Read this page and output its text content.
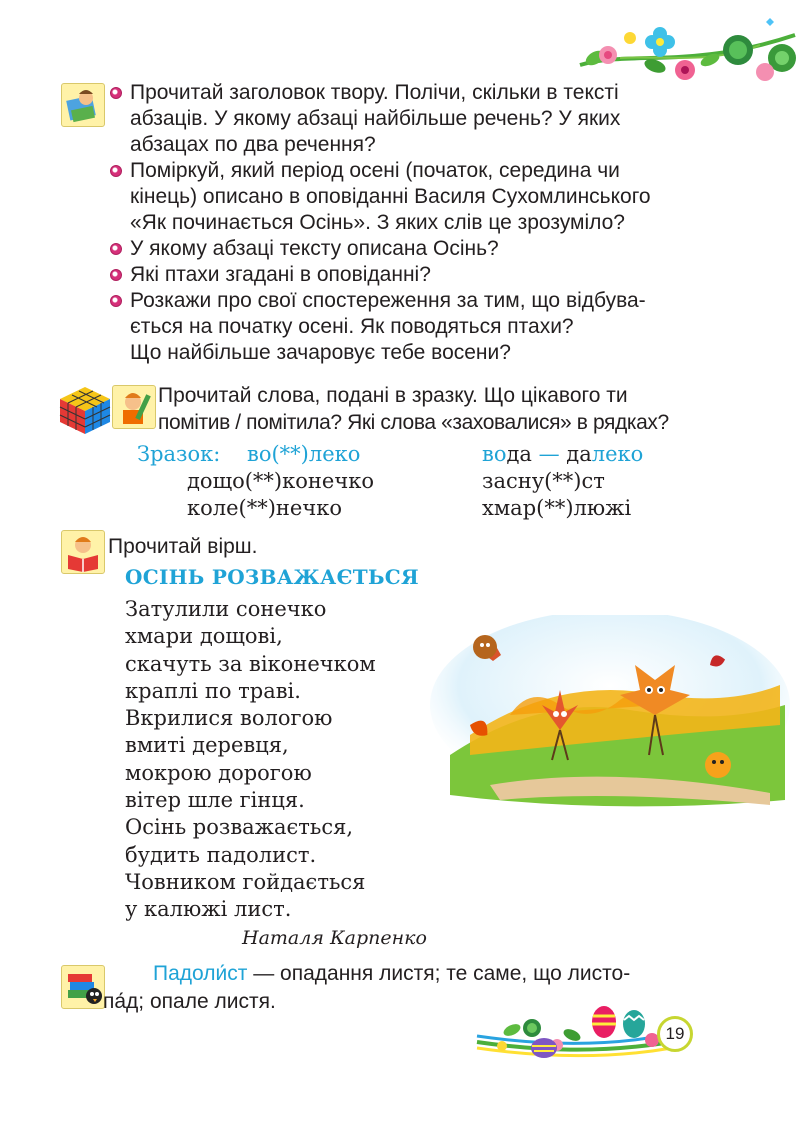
Прочитай заголовок твору. Полічи, скільки в тексті
абзаців. У якому абзаці найбільше речень? У яких
абзацах по два речення?
Поміркуй, який період осені (початок, середина чи
кінець) описано в оповіданні Василя Сухомлинського
«Як починається Осінь». З яких слів це зрозуміло?
У якому абзаці тексту описана Осінь?
Які птахи згадані в оповіданні?
Розкажи про свої спостереження за тим, що відбува-
ється на початку осені. Як поводяться птахи?
Що найбільше зачаровує тебе восени?
Прочитай слова, подані в зразку. Що цікавого ти
помітив / помітила? Які слова «заховалися» в рядках?
Зразок: во(**)леко	вода — далеко
дощо(**)конечко	засну(**)ст
коле(**)нечко	хмар(**)люжі
Прочитай вірш.
ОСІНЬ РОЗВАЖАЄТЬСЯ
Затулили сонечко
хмари дощові,
скачуть за віконечком
краплі по траві.
Вкрилися вологою
вмиті деревця,
мокрою дорогою
вітер шле гінця.
Осінь розважається,
будить падолист.
Човником гойдається
у калюжі лист.
Наталя Карпенко
Падоли́ст — опадання листя; те саме, що листо-
па́д; опале листя.
19
